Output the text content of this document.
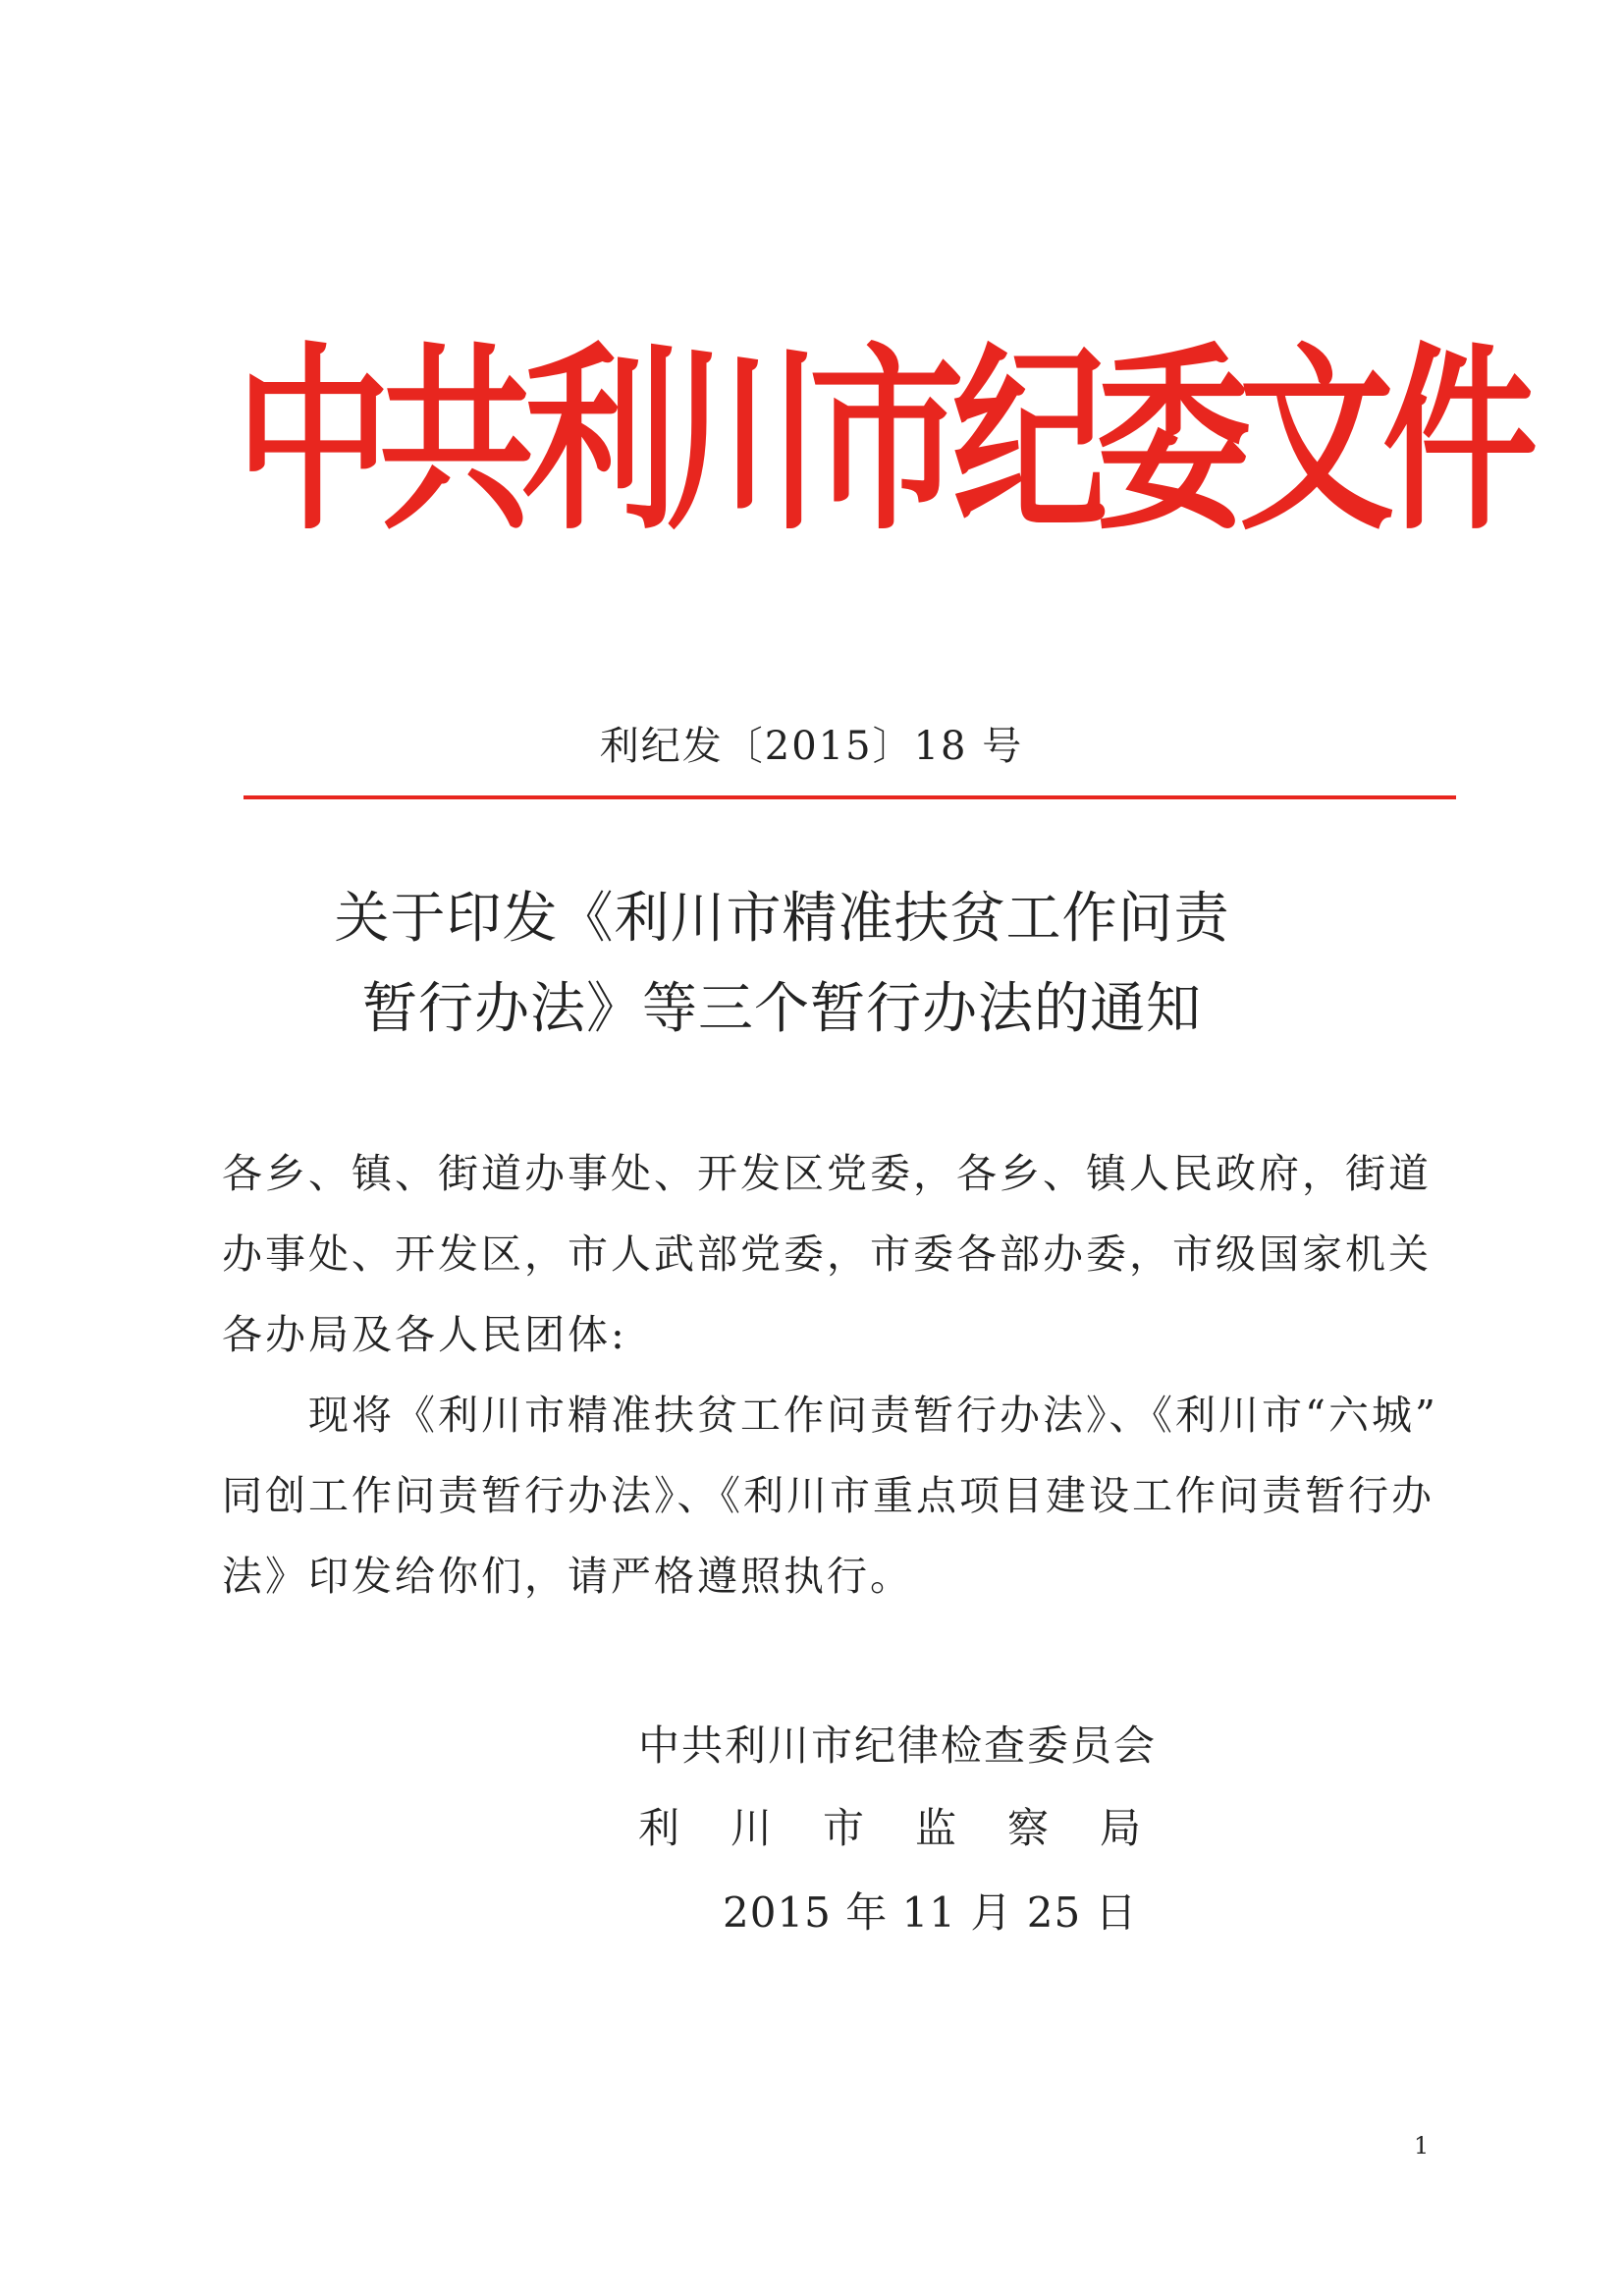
中共利川市纪委文件
利纪发〔2015〕18 号
关于印发《利川市精准扶贫工作问责
暂行办法》等三个暂行办法的通知
各乡、镇、街道办事处、开发区党委，各乡、镇人民政府，街道
办事处、开发区，市人武部党委，市委各部办委，市级国家机关
各办局及各人民团体:
　　现将《利川市精准扶贫工作问责暂行办法》、《利川市“六城”
同创工作问责暂行办法》、《利川市重点项目建设工作问责暂行办
法》印发给你们，请严格遵照执行。
中共利川市纪律检查委员会
利川市监察局
2015 年 11 月 25 日
1
